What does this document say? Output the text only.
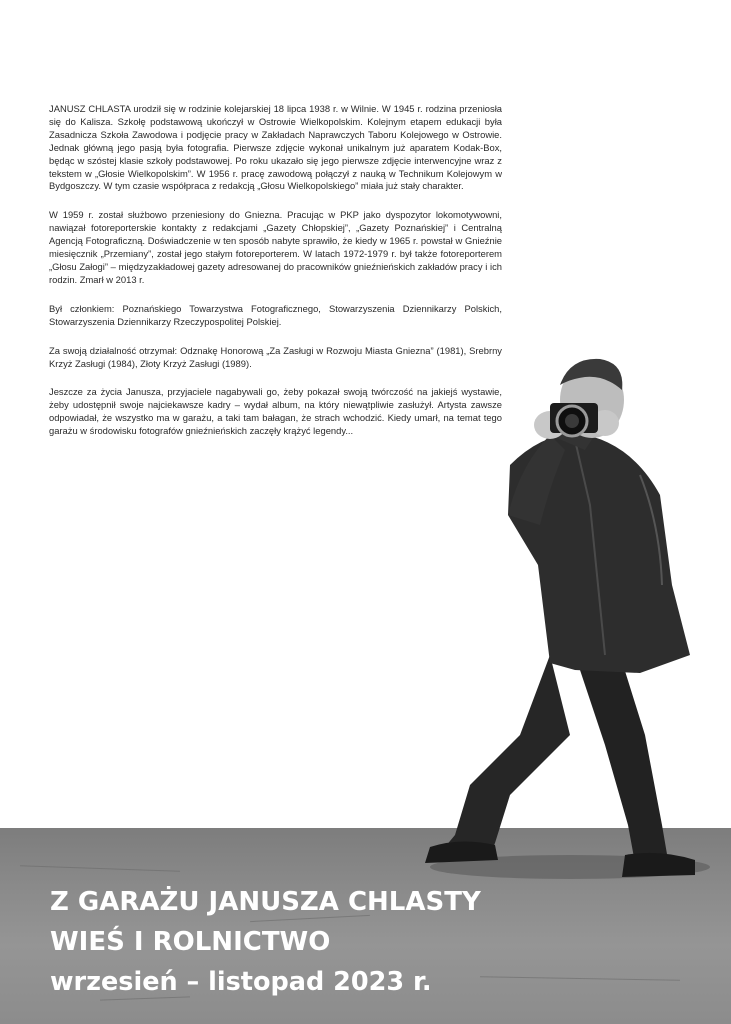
JANUSZ CHLASTA urodził się w rodzinie kolejarskiej 18 lipca 1938 r. w Wilnie. W 1945 r. rodzina przeniosła się do Kalisza. Szkołę podstawową ukończył w Ostrowie Wielkopolskim. Kolejnym etapem edukacji była Zasadnicza Szkoła Zawodowa i podjęcie pracy w Zakładach Naprawczych Taboru Kolejowego w Ostrowie. Jednak główną jego pasją była fotografia. Pierwsze zdjęcie wykonał unikalnym już aparatem Kodak-Box, będąc w szóstej klasie szkoły podstawowej. Po roku ukazało się jego pierwsze zdjęcie interwencyjne wraz z tekstem w „Głosie Wielkopolskim”. W 1956 r. pracę zawodową połączył z nauką w Technikum Kolejowym w Bydgoszczy. W tym czasie współpraca z redakcją „Głosu Wielkopolskiego” miała już stały charakter.

W 1959 r. został służbowo przeniesiony do Gniezna. Pracując w PKP jako dyspozytor lokomotywowni, nawiązał fotoreporterskie kontakty z redakcjami „Gazety Chłopskiej”, „Gazety Poznańskiej” i Centralną Agencją Fotograficzną. Doświadczenie w ten sposób nabyte sprawiło, że kiedy w 1965 r. powstał w Gnieźnie miesięcznik „Przemiany”, został jego stałym fotoreporterem. W latach 1972-1979 r. był także fotoreporterem „Głosu Załogi” – międzyzakładowej gazety adresowanej do pracowników gnieźnieńskich zakładów pracy i ich rodzin. Zmarł w 2013 r.

Był członkiem: Poznańskiego Towarzystwa Fotograficznego, Stowarzyszenia Dziennikarzy Polskich, Stowarzyszenia Dziennikarzy Rzeczypospolitej Polskiej.

Za swoją działalność otrzymał: Odznakę Honorową „Za Zasługi w Rozwoju Miasta Gniezna” (1981), Srebrny Krzyż Zasługi (1984), Złoty Krzyż Zasługi (1989).

Jeszcze za życia Janusza, przyjaciele nagabywali go, żeby pokazał swoją twórczość na jakiejś wystawie, żeby udostępnił swoje najciekawsze kadry – wydał album, na który niewątpliwie zasłużył. Artysta zawsze odpowiadał, że wszystko ma w garażu, a taki tam bałagan, że strach wchodzić. Kiedy umarł, na temat tego garażu w środowisku fotografów gnieźnieńskich zaczęły krążyć legendy...

Z GARAŻU JANUSZA CHLASTY
WIEŚ I ROLNICTWO
wrzesień – listopad 2023 r.
